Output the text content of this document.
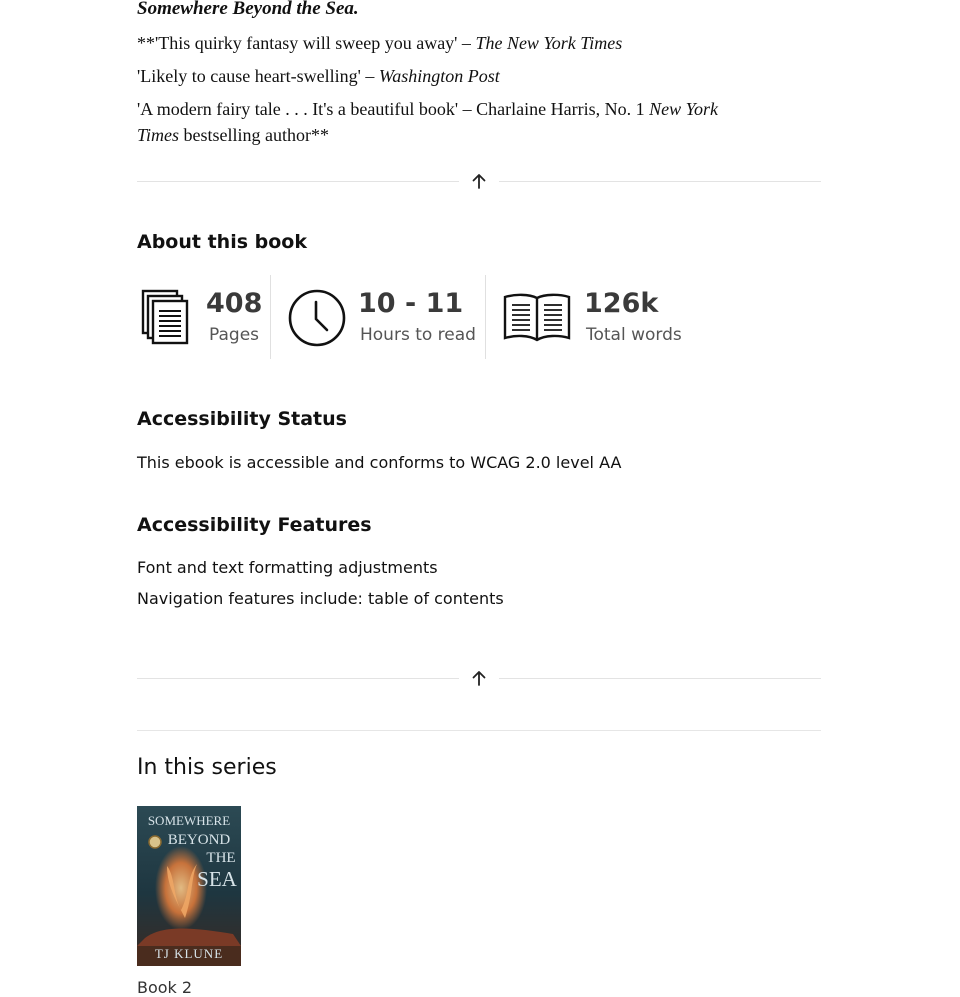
Somewhere Beyond the Sea.
**'This quirky fantasy will sweep you away' – The New York Times
'Likely to cause heart-swelling' – Washington Post
'A modern fairy tale . . . It's a beautiful book' – Charlaine Harris, No. 1 New York
Times bestselling author**
About this book
408
Pages
10 - 11
Hours to read
126k
Total words
Accessibility Status
This ebook is accessible and conforms to WCAG 2.0 level AA
Accessibility Features
Font and text formatting adjustments
Navigation features include: table of contents
In this series
SOMEWHERE
BEYOND
THE
SEA
TJ KLUNE
Book 2
